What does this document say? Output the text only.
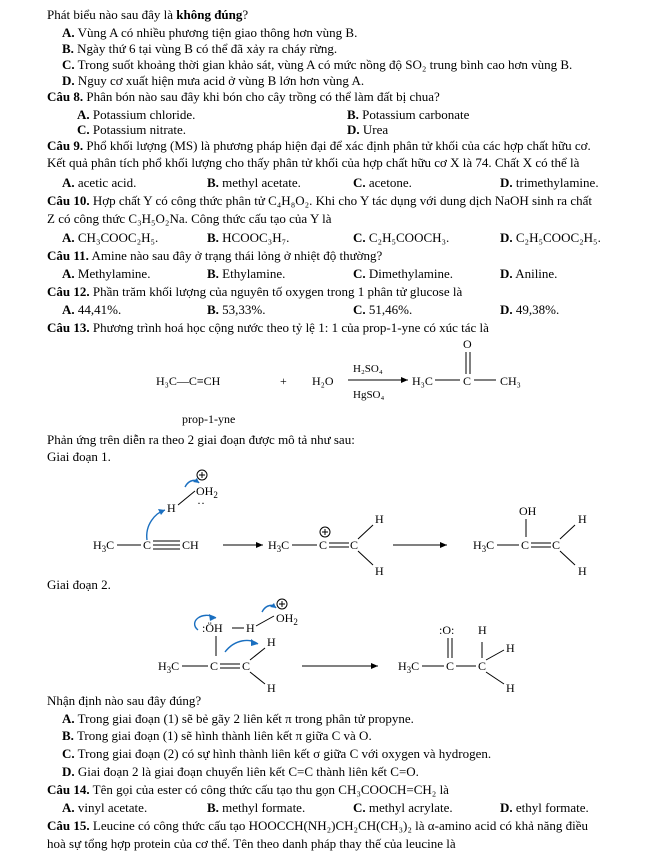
Phát biểu nào sau đây là không đúng?
A. Vùng A có nhiều phương tiện giao thông hơn vùng B.
B. Ngày thứ 6 tại vùng B có thể đã xảy ra cháy rừng.
C. Trong suốt khoảng thời gian khảo sát, vùng A có mức nồng độ SO₂ trung bình cao hơn vùng B.
D. Nguy cơ xuất hiện mưa acid ở vùng B lớn hơn vùng A.
Câu 8. Phân bón nào sau đây khi bón cho cây trồng có thể làm đất bị chua?
A. Potassium chloride.	B. Potassium carbonate
C. Potassium nitrate.	D. Urea
Câu 9. Phổ khối lượng (MS) là phương pháp hiện đại để xác định phân tử khối của các hợp chất hữu cơ.
Kết quả phân tích phổ khối lượng cho thấy phân tử khối của hợp chất hữu cơ X là 74. Chất X có thể là
A. acetic acid.	B. methyl acetate.	C. acetone.	D. trimethylamine.
Câu 10. Hợp chất Y có công thức phân tử C₄H₈O₂. Khi cho Y tác dụng với dung dịch NaOH sinh ra chất
Z có công thức C₃H₅O₂Na. Công thức cấu tạo của Y là
A. CH₃COOC₂H₅.	B. HCOOC₃H₇.	C. C₂H₅COOCH₃.	D. C₂H₅COOC₂H₅.
Câu 11. Amine nào sau đây ở trạng thái lỏng ở nhiệt độ thường?
A. Methylamine.	B. Ethylamine.	C. Dimethylamine.	D. Aniline.
Câu 12. Phần trăm khối lượng của nguyên tố oxygen trong 1 phân tử glucose là
A. 44,41%.	B. 53,33%.	C. 51,46%.	D. 49,38%.
Câu 13. Phương trình hoá học cộng nước theo tỷ lệ 1: 1 của prop-1-yne có xúc tác là
H₃C—C≡CH	+ H₂O
H₂SO₄
HgSO₄
H₃C	C
O
CH₃
prop-1-yne
Phản ứng trên diễn ra theo 2 giai đoạn được mô tả như sau:
Giai đoạn 1.
$OH_2$
··
H
$H_3C$ C	CH	$H_3C$ C C
H
H
$H_3C$ C
OH
C
H
H
Giai đoạn 2.
$OH_2$
:ÖH H
$H_3C$	C C
H
H
$H_3C$ C
:O:
C
H
H
H
Nhận định nào sau đây đúng?
A. Trong giai đoạn (1) sẽ bẻ gãy 2 liên kết π trong phân tử propyne.
B. Trong giai đoạn (1) sẽ hình thành liên kết π giữa C và O.
C. Trong giai đoạn (2) có sự hình thành liên kết σ giữa C với oxygen và hydrogen.
D. Giai đoạn 2 là giai đoạn chuyển liên kết C=C thành liên kết C=O.
Câu 14. Tên gọi của ester có công thức cấu tạo thu gọn CH₃COOCH=CH₂ là
A. vinyl acetate.	B. methyl formate.	C. methyl acrylate.	D. ethyl formate.
Câu 15. Leucine có công thức cấu tạo HOOCCH(NH₂)CH₂CH(CH₃)₂ là α-amino acid có khả năng điều
hoà sự tổng hợp protein của cơ thể. Tên theo danh pháp thay thế của leucine là
